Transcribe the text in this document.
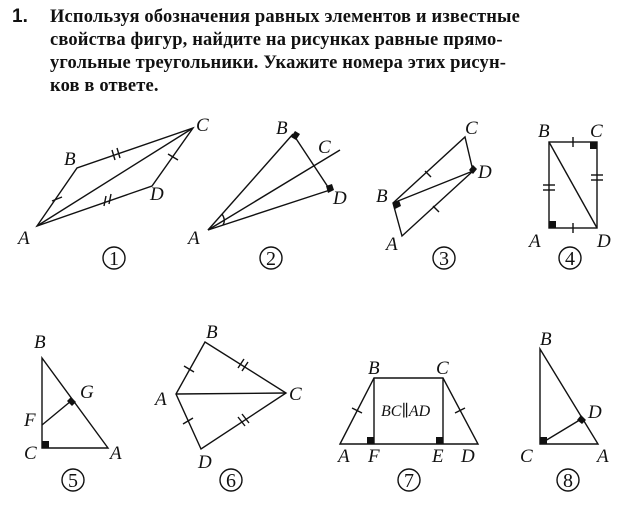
1. Используя обозначения равных элементов и известные
свойства фигур, найдите на рисунках равные прямо-
угольные треугольники. Укажите номера этих рисун-
ков в ответе.
A
B
C
D
1
A
B
C
D
2
A
B
C
D
3
A
B C
D
4
A
B
C
F
G
5
A
B
C
D
6
BC∥AD
A
B	C
D
E
F
7
A
B
C
D
8
